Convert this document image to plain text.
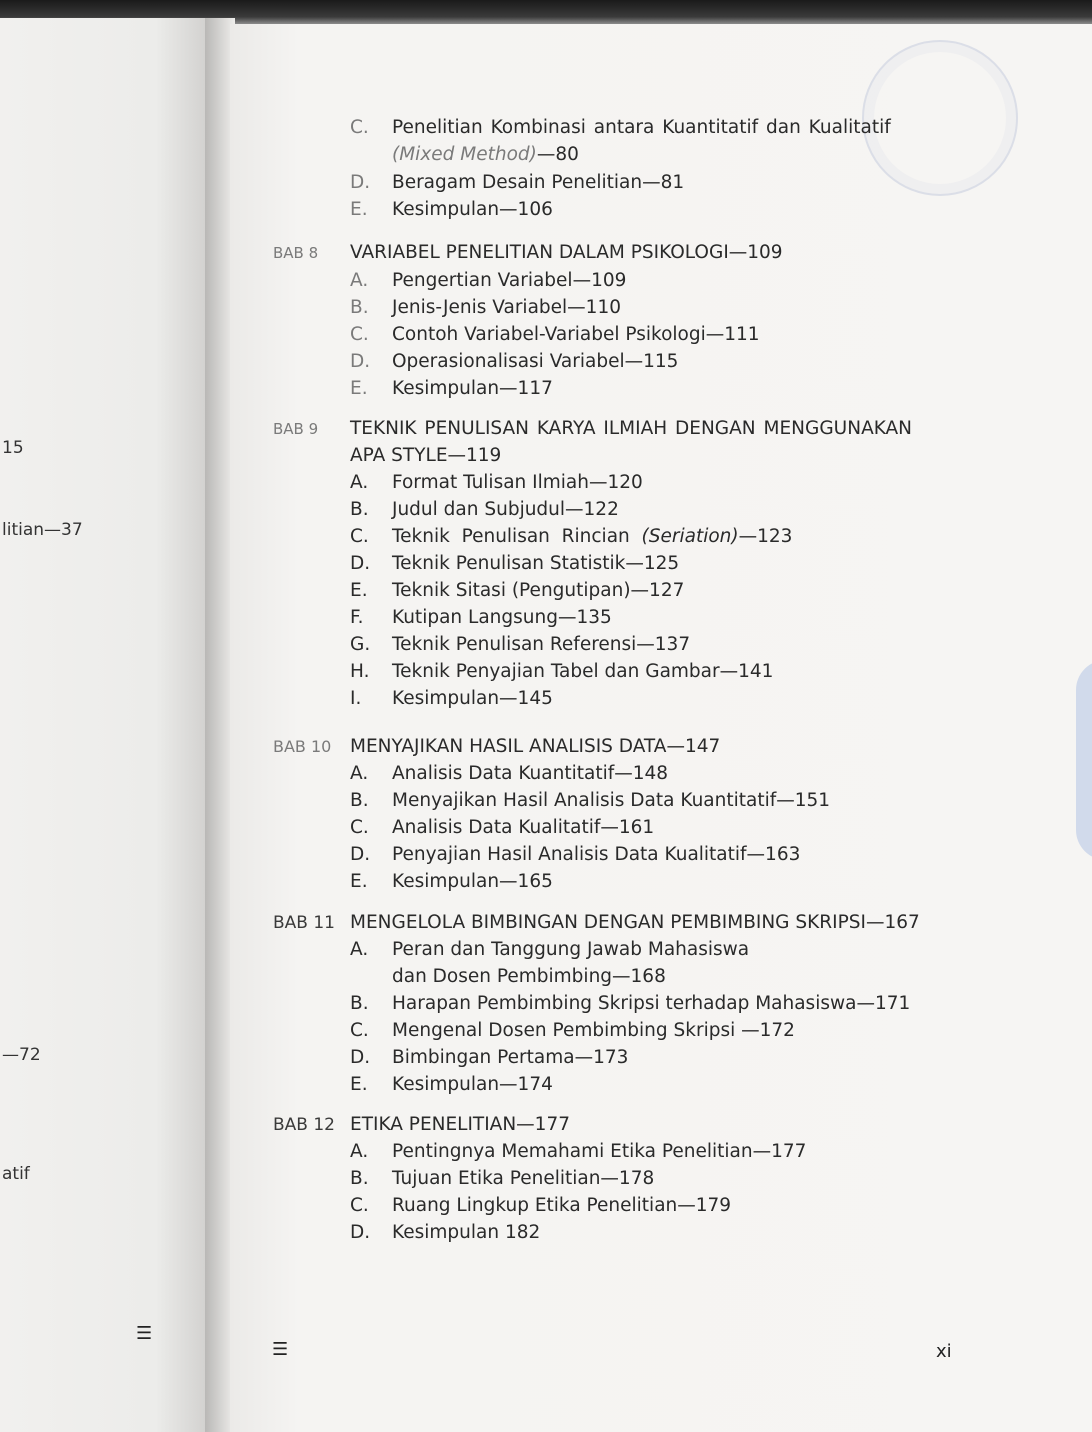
15
litian—37
—72
atif
☰
C. Penelitian Kombinasi antara Kuantitatif dan Kualitatif
(Mixed Method)—80
D. Beragam Desain Penelitian—81
E. Kesimpulan—106
BAB 8 VARIABEL PENELITIAN DALAM PSIKOLOGI—109
A. Pengertian Variabel—109
B. Jenis-Jenis Variabel—110
C. Contoh Variabel-Variabel Psikologi—111
D. Operasionalisasi Variabel—115
E. Kesimpulan—117
BAB 9 TEKNIK PENULISAN KARYA ILMIAH DENGAN MENGGUNAKAN
APA STYLE—119
A. Format Tulisan Ilmiah—120
B. Judul dan Subjudul—122
C. Teknik  Penulisan  Rincian  (Seriation)—123
D. Teknik Penulisan Statistik—125
E. Teknik Sitasi (Pengutipan)—127
F. Kutipan Langsung—135
G. Teknik Penulisan Referensi—137
H. Teknik Penyajian Tabel dan Gambar—141
I. Kesimpulan—145
BAB 10 MENYAJIKAN HASIL ANALISIS DATA—147
A. Analisis Data Kuantitatif—148
B. Menyajikan Hasil Analisis Data Kuantitatif—151
C. Analisis Data Kualitatif—161
D. Penyajian Hasil Analisis Data Kualitatif—163
E. Kesimpulan—165
BAB 11 MENGELOLA BIMBINGAN DENGAN PEMBIMBING SKRIPSI—167
A. Peran dan Tanggung Jawab Mahasiswa
dan Dosen Pembimbing—168
B. Harapan Pembimbing Skripsi terhadap Mahasiswa—171
C. Mengenal Dosen Pembimbing Skripsi —172
D. Bimbingan Pertama—173
E. Kesimpulan—174
BAB 12 ETIKA PENELITIAN—177
A. Pentingnya Memahami Etika Penelitian—177
B. Tujuan Etika Penelitian—178
C. Ruang Lingkup Etika Penelitian—179
D. Kesimpulan 182
☰	xi
